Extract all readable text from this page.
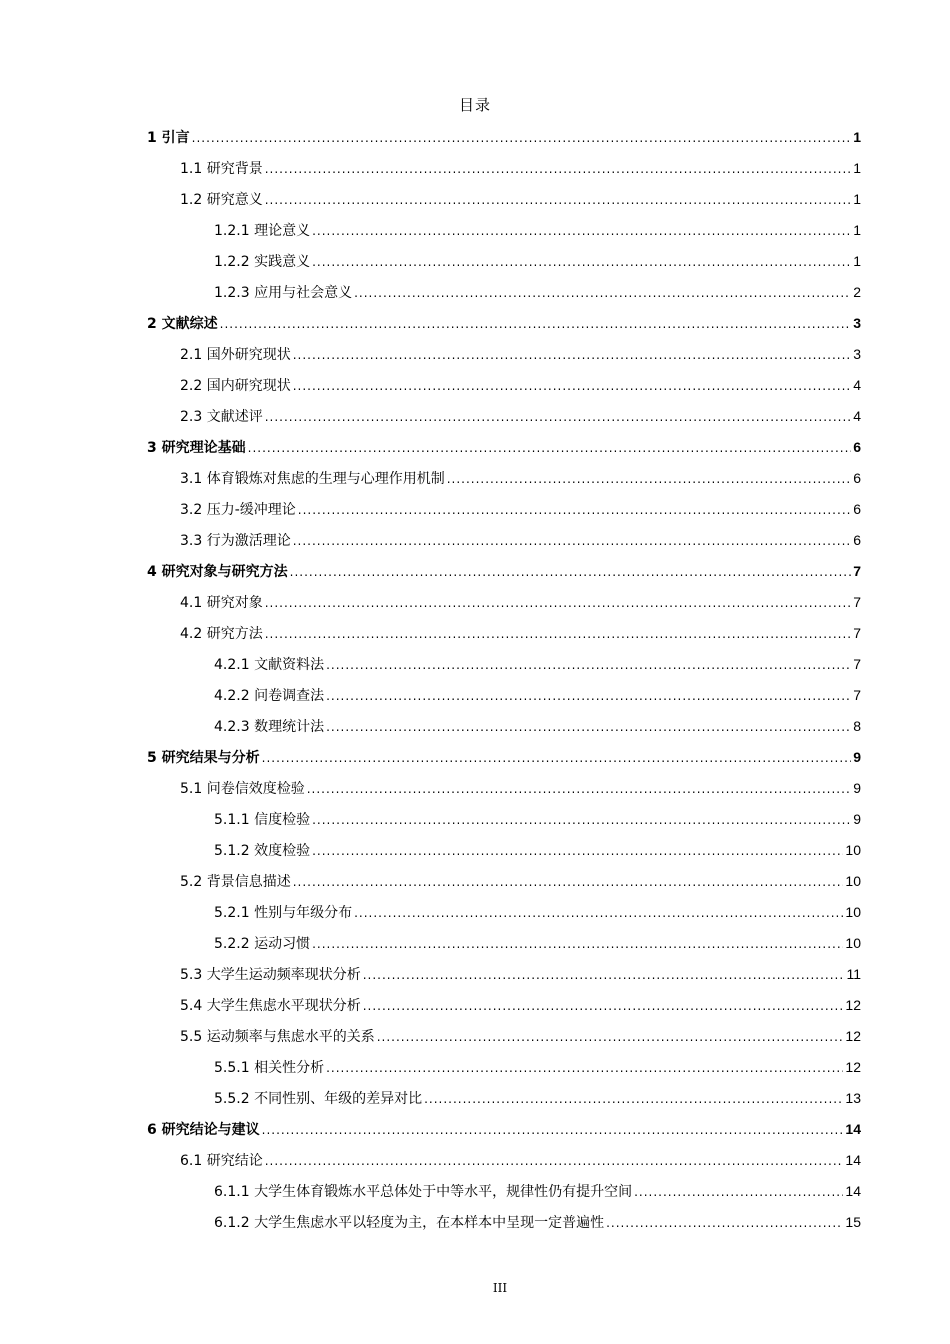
目录
1 引言 .....	1
1.1 研究背景 .....	1
1.2 研究意义 .....	1
1.2.1 理论意义 .....	1
1.2.2 实践意义 .....	1
1.2.3 应用与社会意义 .....	2
2 文献综述 .....	3
2.1 国外研究现状 .....	3
2.2 国内研究现状 .....	4
2.3 文献述评 .....	4
3 研究理论基础 .....	6
3.1 体育锻炼对焦虑的生理与心理作用机制 .....	6
3.2 压力-缓冲理论 .....	6
3.3 行为激活理论 .....	6
4 研究对象与研究方法 .....	7
4.1 研究对象 .....	7
4.2 研究方法 .....	7
4.2.1 文献资料法 .....	7
4.2.2 问卷调查法 .....	7
4.2.3 数理统计法 .....	8
5 研究结果与分析 .....	9
5.1 问卷信效度检验 .....	9
5.1.1 信度检验 .....	9
5.1.2 效度检验 .....	10
5.2 背景信息描述 .....	10
5.2.1 性别与年级分布 .....	10
5.2.2 运动习惯 .....	10
5.3 大学生运动频率现状分析 .....	11
5.4 大学生焦虑水平现状分析 .....	12
5.5 运动频率与焦虑水平的关系 .....	12
5.5.1 相关性分析 .....	12
5.5.2 不同性别、年级的差异对比 .....	13
6 研究结论与建议 .....	14
6.1 研究结论 .....	14
6.1.1 大学生体育锻炼水平总体处于中等水平，规律性仍有提升空间 .....	14
6.1.2 大学生焦虑水平以轻度为主，在本样本中呈现一定普遍性 .....	15
III
